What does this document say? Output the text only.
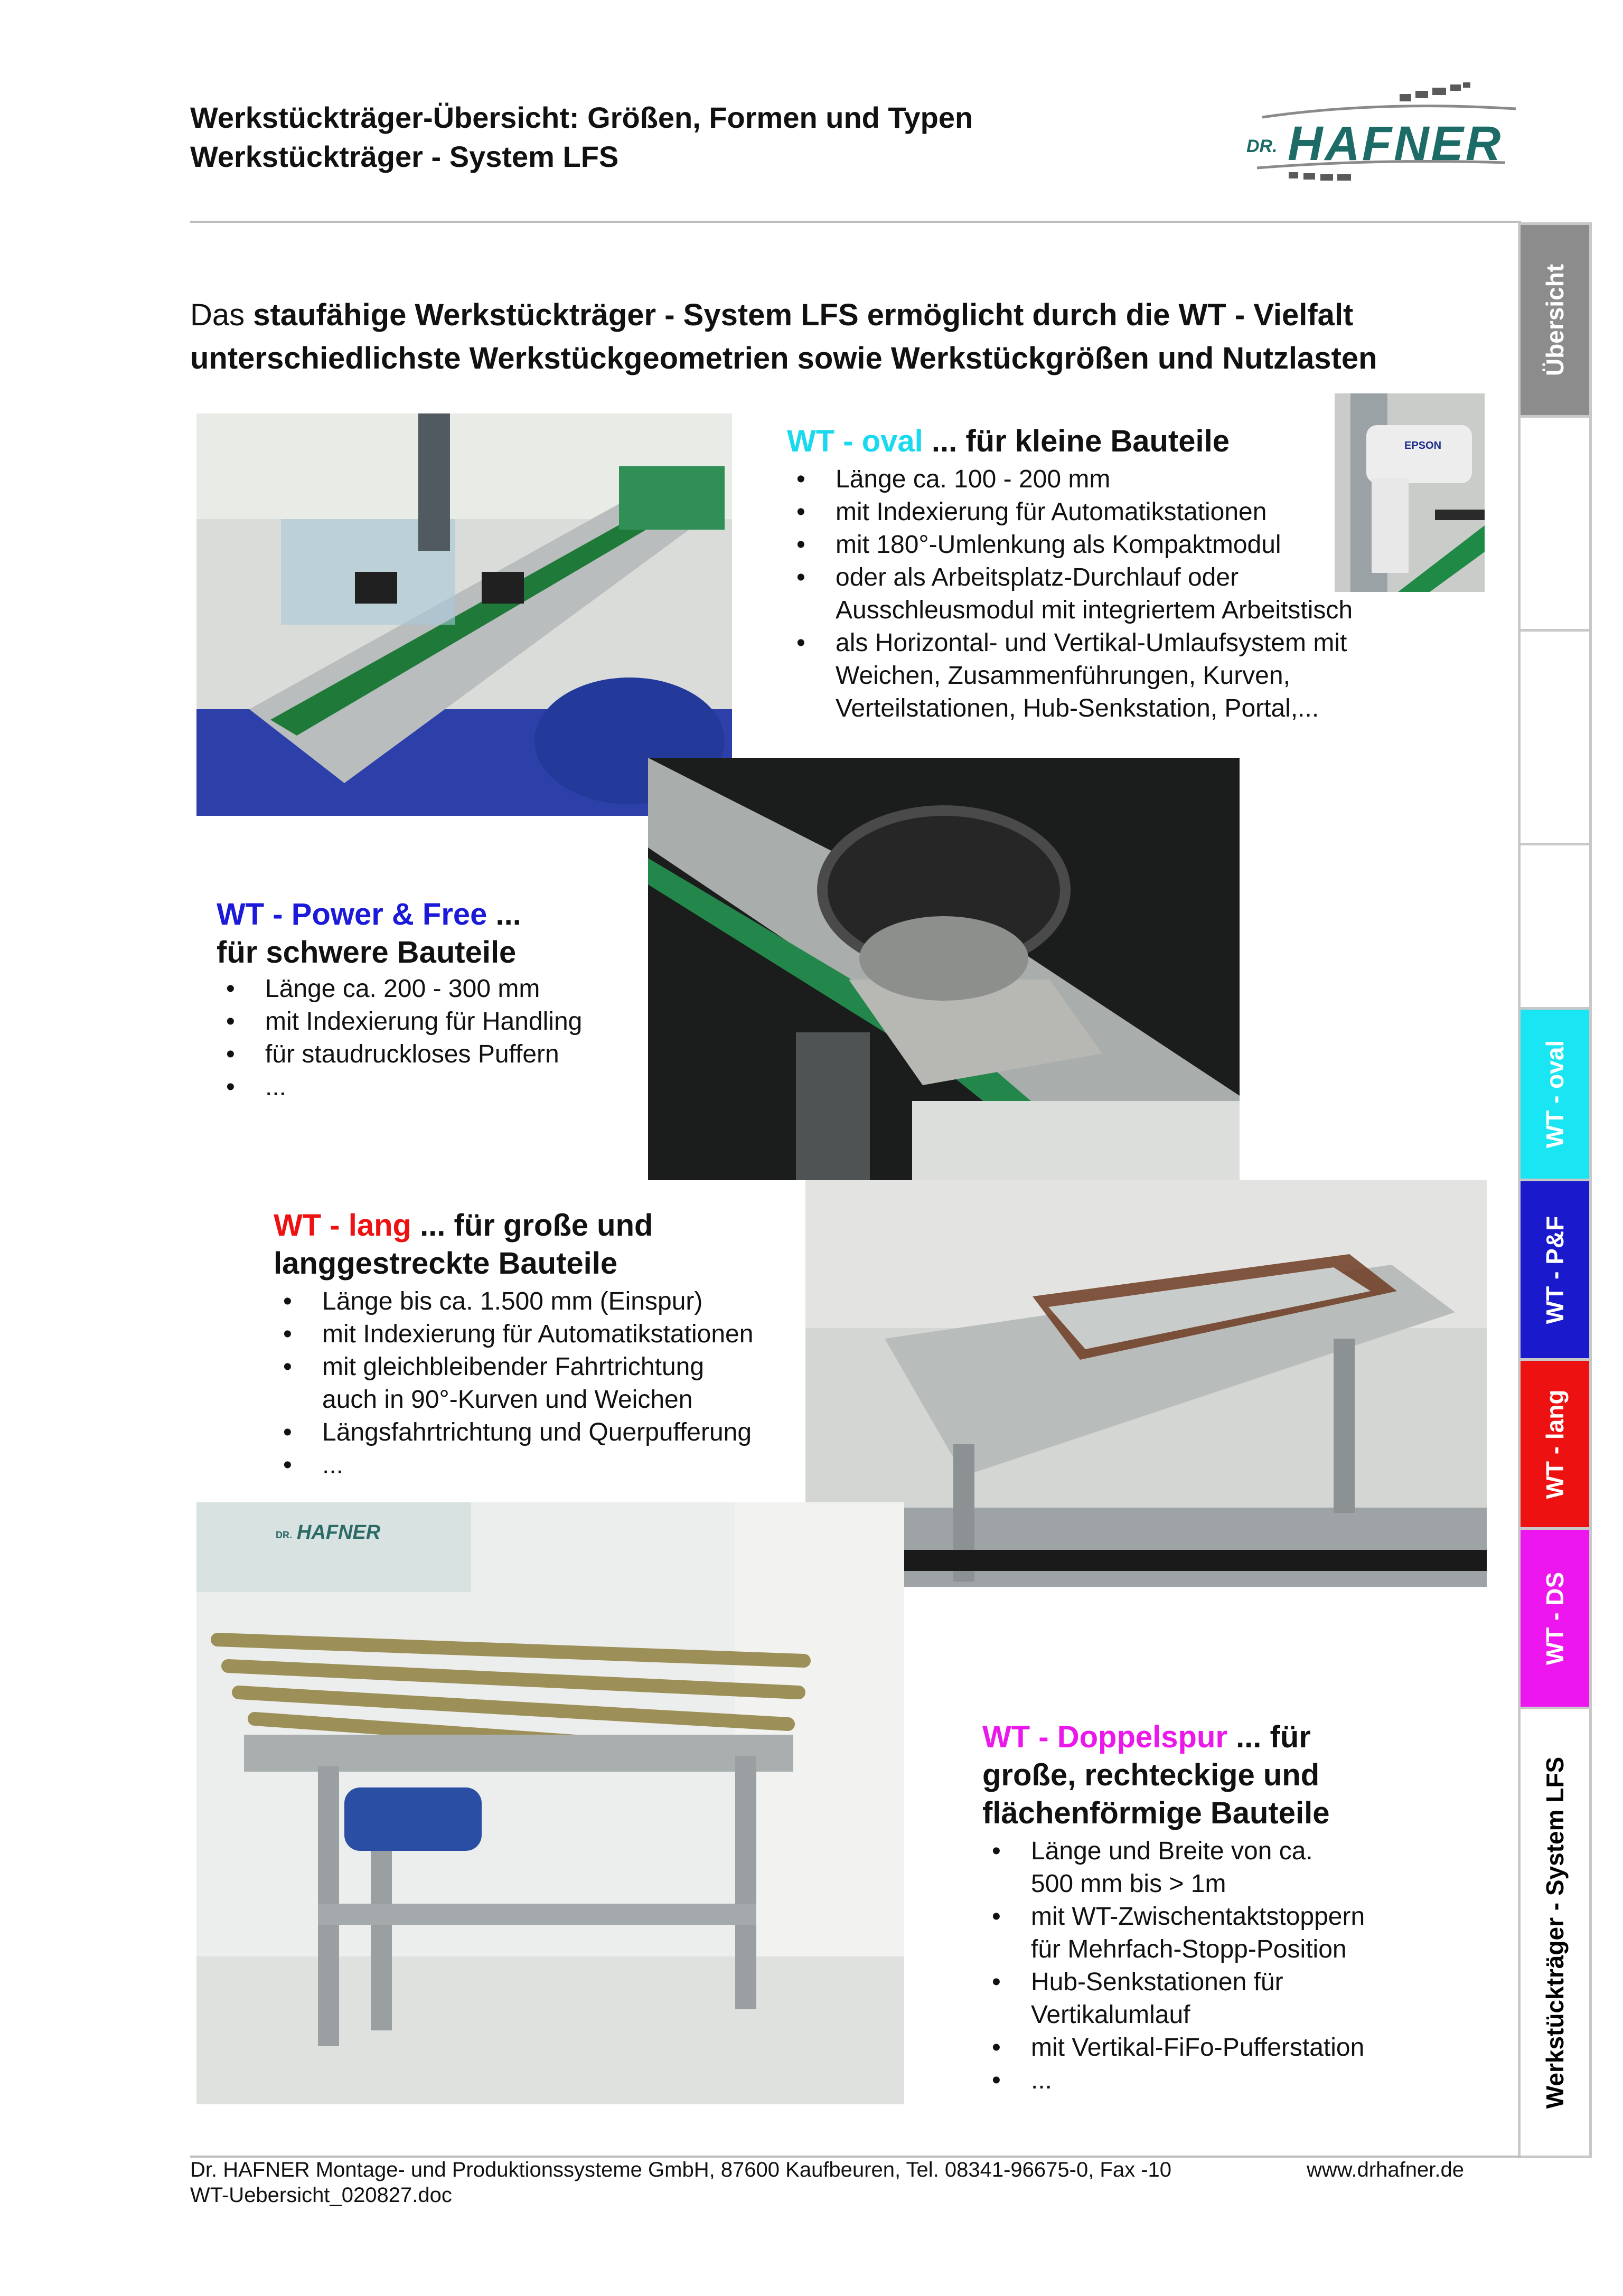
Werkstückträger-Übersicht: Größen, Formen und Typen
Werkstückträger - System LFS	DR. HAFNER
Das staufähige Werkstückträger - System LFS ermöglicht durch die WT - Vielfalt unterschiedlichste Werkstückgeometrien sowie Werkstückgrößen und Nutzlasten
WT - oval ... für kleine Bauteile
• Länge ca. 100 - 200 mm
• mit Indexierung für Automatikstationen
• mit 180°-Umlenkung als Kompaktmodul
• oder als Arbeitsplatz-Durchlauf oder Ausschleusmodul mit integriertem Arbeitstisch
• als Horizontal- und Vertikal-Umlaufsystem mit Weichen, Zusammenführungen, Kurven, Verteilstationen, Hub-Senkstation, Portal,...
EPSON
WT - Power & Free ...
für schwere Bauteile
• Länge ca. 200 - 300 mm
• mit Indexierung für Handling
• für staudruckloses Puffern
• ...
WT - lang ... für große und
langgestreckte Bauteile
• Länge bis ca. 1.500 mm (Einspur)
• mit Indexierung für Automatikstationen
• mit gleichbleibender Fahrtrichtung auch in 90°-Kurven und Weichen
• Längsfahrtrichtung und Querpufferung
• ...
DR. HAFNER
WT - Doppelspur ... für
große, rechteckige und
flächenförmige Bauteile
• Länge und Breite von ca. 500 mm bis > 1m
• mit WT-Zwischentaktstoppern für Mehrfach-Stopp-Position
• Hub-Senkstationen für Vertikalumlauf
• mit Vertikal-FiFo-Pufferstation
• ...
Übersicht
WT - oval
WT - P&F
WT - lang
WT - DS
Werkstückträger - System LFS
Dr. HAFNER Montage- und Produktionssysteme GmbH, 87600 Kaufbeuren, Tel. 08341-96675-0, Fax -10	www.drhafner.de
WT-Uebersicht_020827.doc
